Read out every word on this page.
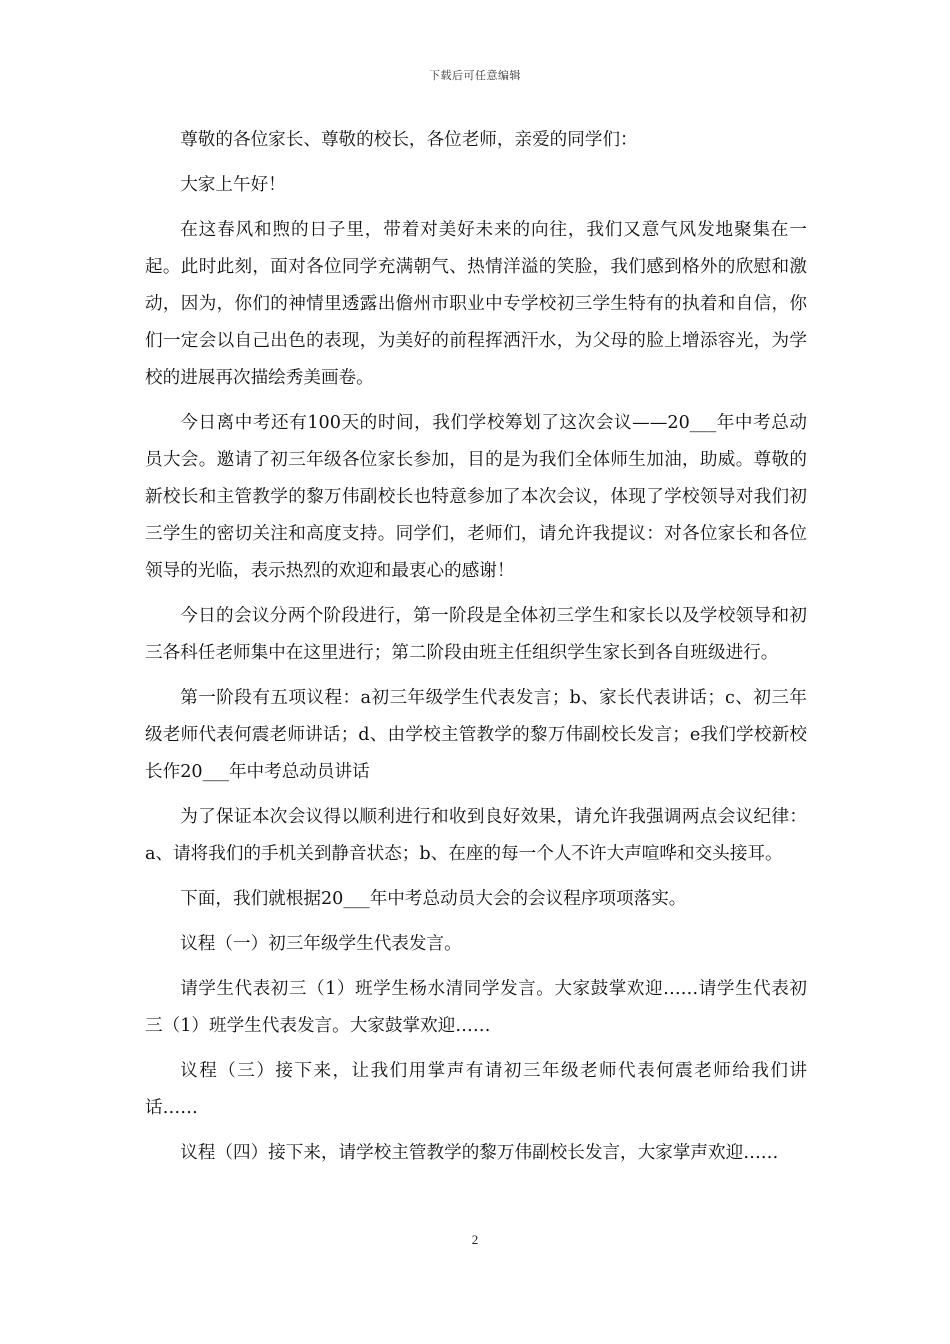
下载后可任意编辑

尊敬的各位家长、尊敬的校长，各位老师，亲爱的同学们：

大家上午好！

在这春风和煦的日子里，带着对美好未来的向往，我们又意气风发地聚集在一起。此时此刻，面对各位同学充满朝气、热情洋溢的笑脸，我们感到格外的欣慰和激动，因为，你们的神情里透露出儋州市职业中专学校初三学生特有的执着和自信，你们一定会以自己出色的表现，为美好的前程挥洒汗水，为父母的脸上增添容光，为学校的进展再次描绘秀美画卷。

今日离中考还有100天的时间，我们学校筹划了这次会议——20___年中考总动员大会。邀请了初三年级各位家长参加，目的是为我们全体师生加油，助威。尊敬的新校长和主管教学的黎万伟副校长也特意参加了本次会议，体现了学校领导对我们初三学生的密切关注和高度支持。同学们，老师们，请允许我提议：对各位家长和各位领导的光临，表示热烈的欢迎和最衷心的感谢！

今日的会议分两个阶段进行，第一阶段是全体初三学生和家长以及学校领导和初三各科任老师集中在这里进行；第二阶段由班主任组织学生家长到各自班级进行。

第一阶段有五项议程：a初三年级学生代表发言；b、家长代表讲话；c、初三年级老师代表何震老师讲话；d、由学校主管教学的黎万伟副校长发言；e我们学校新校长作20___年中考总动员讲话

为了保证本次会议得以顺利进行和收到良好效果，请允许我强调两点会议纪律：a、请将我们的手机关到静音状态；b、在座的每一个人不许大声喧哗和交头接耳。

下面，我们就根据20___年中考总动员大会的会议程序项项落实。

议程（一）初三年级学生代表发言。

请学生代表初三（1）班学生杨水清同学发言。大家鼓掌欢迎……请学生代表初三（1）班学生代表发言。大家鼓掌欢迎……

议程（三）接下来，让我们用掌声有请初三年级老师代表何震老师给我们讲话……

议程（四）接下来，请学校主管教学的黎万伟副校长发言，大家掌声欢迎……

2
